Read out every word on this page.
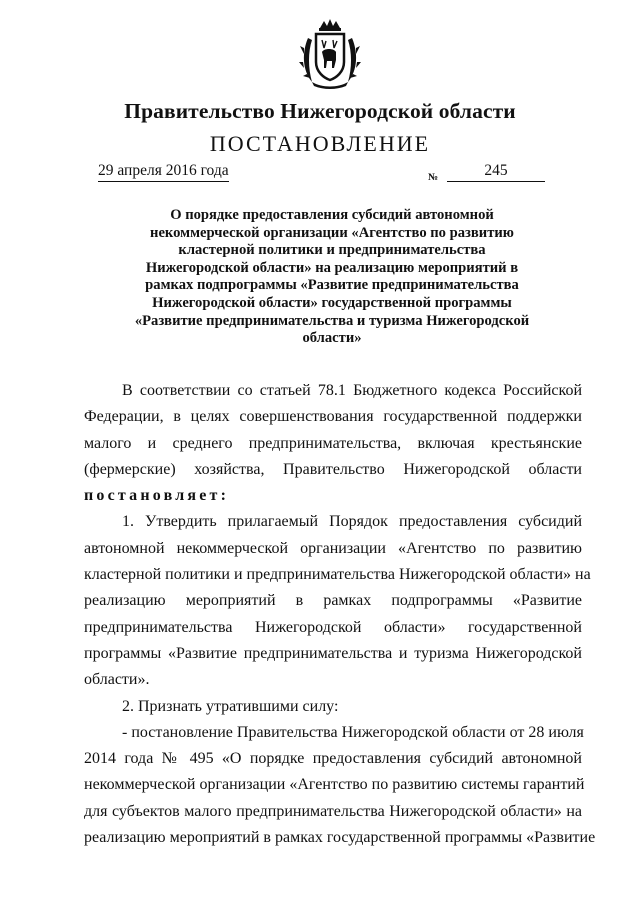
Правительство Нижегородской области
ПОСТАНОВЛЕНИЕ
29 апреля 2016 года	№	245
О порядке предоставления субсидий автономной
некоммерческой организации «Агентство по развитию
кластерной политики и предпринимательства
Нижегородской области» на реализацию мероприятий в
рамках подпрограммы «Развитие предпринимательства
Нижегородской области» государственной программы
«Развитие предпринимательства и туризма Нижегородской
области»
В соответствии со статьей 78.1 Бюджетного кодекса Российской
Федерации, в целях совершенствования государственной поддержки
малого и среднего предпринимательства, включая крестьянские
(фермерские) хозяйства, Правительство Нижегородской области
постановляет:
1. Утвердить прилагаемый Порядок предоставления субсидий
автономной некоммерческой организации «Агентство по развитию
кластерной политики и предпринимательства Нижегородской области» на
реализацию мероприятий в рамках подпрограммы «Развитие
предпринимательства Нижегородской области» государственной
программы «Развитие предпринимательства и туризма Нижегородской
области».
2. Признать утратившими силу:
- постановление Правительства Нижегородской области от 28 июля
2014 года № 495 «О порядке предоставления субсидий автономной
некоммерческой организации «Агентство по развитию системы гарантий
для субъектов малого предпринимательства Нижегородской области» на
реализацию мероприятий в рамках государственной программы «Развитие
